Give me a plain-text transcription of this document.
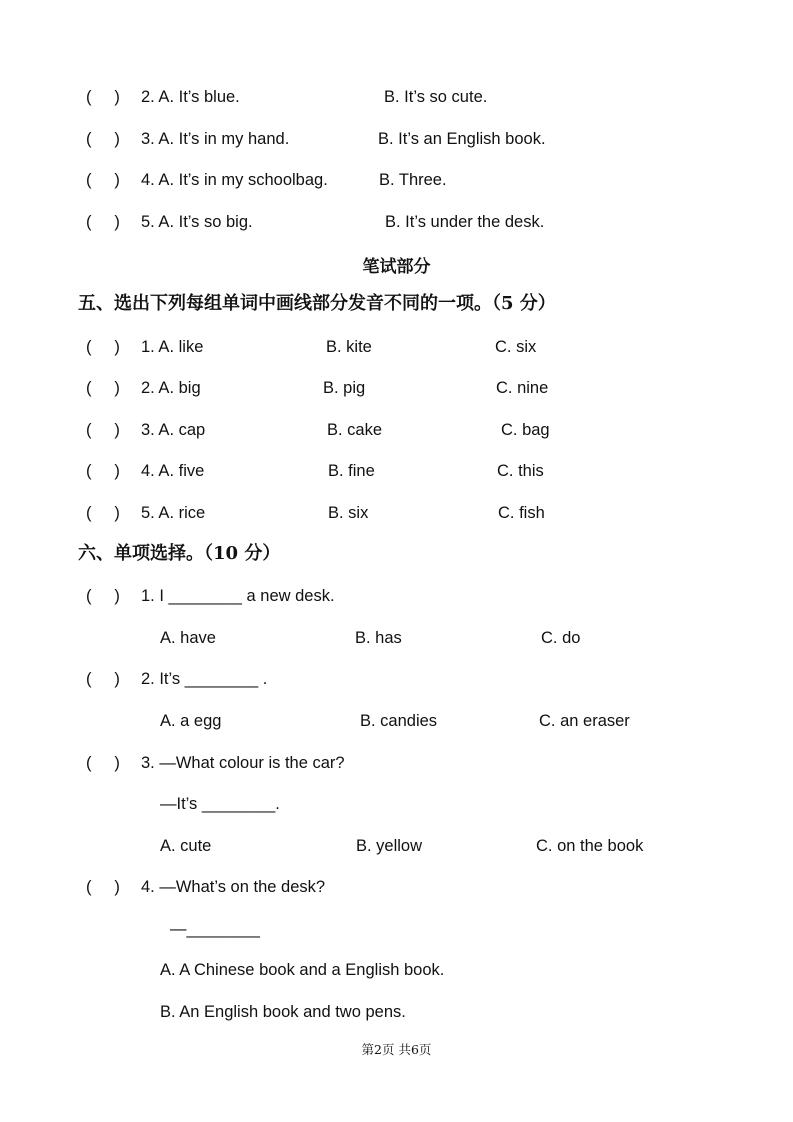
(     ) 2. A. It’s blue.	B. It’s so cute.
(     ) 3. A. It’s in my hand.	B. It’s an English book.
(     ) 4. A. It’s in my schoolbag.	B. Three.
(     ) 5. A. It’s so big.	B. It’s under the desk.
笔试部分
五、选出下列每组单词中画线部分发音不同的一项。（5 分）
(     ) 1. A. like	B. kite	C. six
(     ) 2. A. big	B. pig	C. nine
(     ) 3. A. cap	B. cake	C. bag
(     ) 4. A. five	B. fine	C. this
(     ) 5. A. rice	B. six	C. fish
六、单项选择。（10 分）
(     ) 1. I ________ a new desk.
A. have	B. has	C. do
(     ) 2. It’s ________ .
A. a egg	B. candies	C. an eraser
(     ) 3. —What colour is the car?
—It’s ________.
A. cute	B. yellow	C. on the book
(     ) 4. —What’s on the desk?
—________
A. A Chinese book and a English book.
B. An English book and two pens.
第2页 共6页
